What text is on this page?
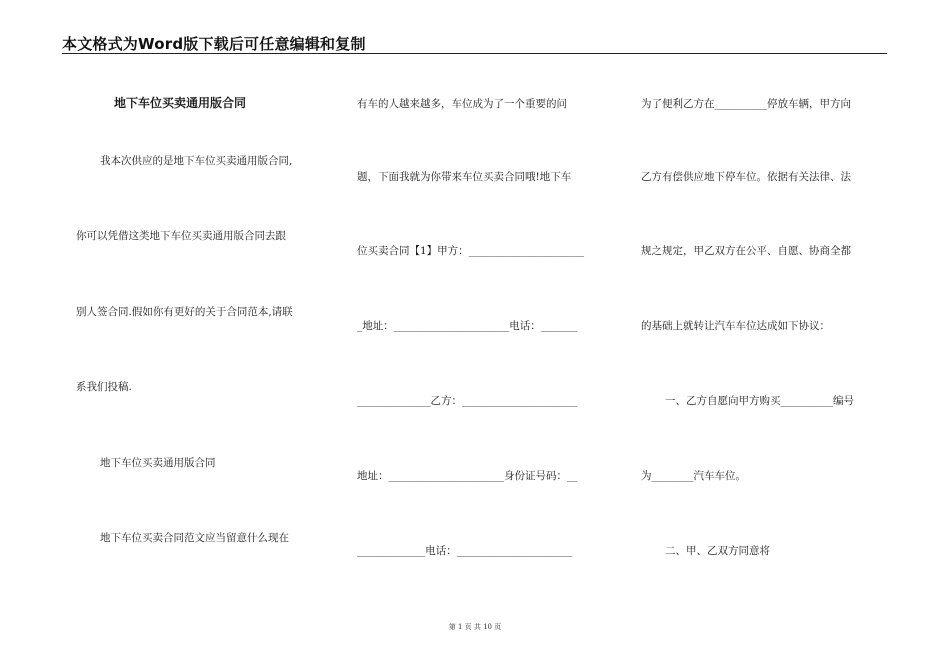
本文格式为Word版下载后可任意编辑和复制
地下车位买卖通用版合同
我本次供应的是地下车位买卖通用版合同,
你可以凭借这类地下车位买卖通用版合同去跟
别人签合同.假如你有更好的关于合同范本,请联
系我们投稿.
地下车位买卖通用版合同
地下车位买卖合同范文应当留意什么现在
有车的人越来越多，车位成为了一个重要的问
题，下面我就为你带来车位买卖合同哦!地下车
位买卖合同【1】甲方：______________________
_地址：______________________电话：_______
______________乙方：______________________
地址：______________________身份证号码：__
_____________电话：______________________
为了便利乙方在__________停放车辆，甲方向
乙方有偿供应地下停车位。依据有关法律、法
规之规定，甲乙双方在公平、自愿、协商全都
的基础上就转让汽车车位达成如下协议：
一、乙方自愿向甲方购买__________编号
为________汽车车位。
二、甲、乙双方同意将
第 1 页 共 10 页
